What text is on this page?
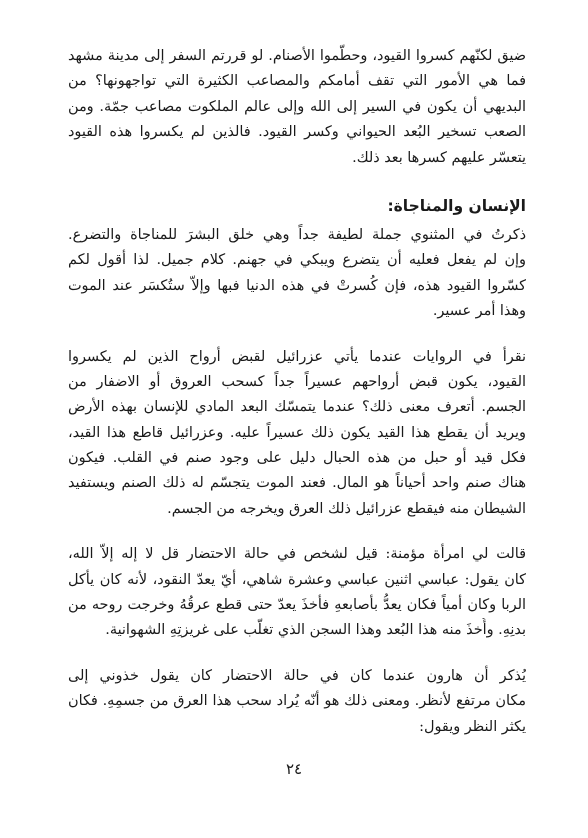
ضيق لكنّهم كسروا القيود، وحطّموا الأصنام. لو قررتم السفر إلى مدينة مشهد
فما هي الأمور التي تقف أمامكم والمصاعب الكثيرة التي تواجهونها؟ من
البديهي أن يكون في السير إلى الله وإلى عالم الملكوت مصاعب جمّة. ومن
الصعب تسخير البُعد الحيواني وكسر القيود. فالذين لم يكسروا هذه القيود
يتعسّر عليهم كسرها بعد ذلك.
الإنسان والمناجاة:
ذكرتُ في المثنوي جملة لطيفة جداً وهي خلق البشرَ للمناجاة والتضرع.
وإن لم يفعل فعليه أن يتضرع ويبكي في جهنم. كلام جميل. لذا أقول لكم
كسّروا القيود هذه، فإن كُسرتْ في هذه الدنيا فبها وإلاّ ستُكسَر عند الموت
وهذا أمر عسير.
نقرأ في الروايات عندما يأتي عزرائيل لقبض أرواح الذين لم يكسروا
القيود، يكون قبض أرواحهم عسيراً جداً كسحب العروق أو الاضفار من
الجسم. أتعرف معنى ذلك؟ عندما يتمسّك البعد المادي للإنسان بهذه الأرض
ويريد أن يقطع هذا القيد يكون ذلك عسيراً عليه. وعزرائيل قاطع هذا القيد،
فكل قيد أو حبل من هذه الحبال دليل على وجود صنم في القلب. فيكون
هناك صنم واحد أحياناً هو المال. فعند الموت يتجسّم له ذلك الصنم ويستفيد
الشيطان منه فيقطع عزرائيل ذلك العرق ويخرجه من الجسم.
قالت لي امرأة مؤمنة: قيل لشخص في حالة الاحتضار قل لا إله إلاّ الله،
كان يقول: عباسي اثنين عباسي وعشرة شاهي، أيّ يعدّ النقود، لأنه كان يأكل
الربا وكان أمياً فكان يعدُّ بأصابعهِ فأخذَ يعدّ حتى قطع عرقُهُ وخرجت روحه من
بدنِهِ. وأُخذَ منه هذا البُعد وهذا السجن الذي تغلّب على غريزتِهِ الشهوانية.
يُذكر أن هارون عندما كان في حالة الاحتضار كان يقول خذوني إلى
مكان مرتفع لأنظر. ومعنى ذلك هو أنّه يُراد سحب هذا العرق من جسمِهِ. فكان
يكثر النظر ويقول:
٢٤
